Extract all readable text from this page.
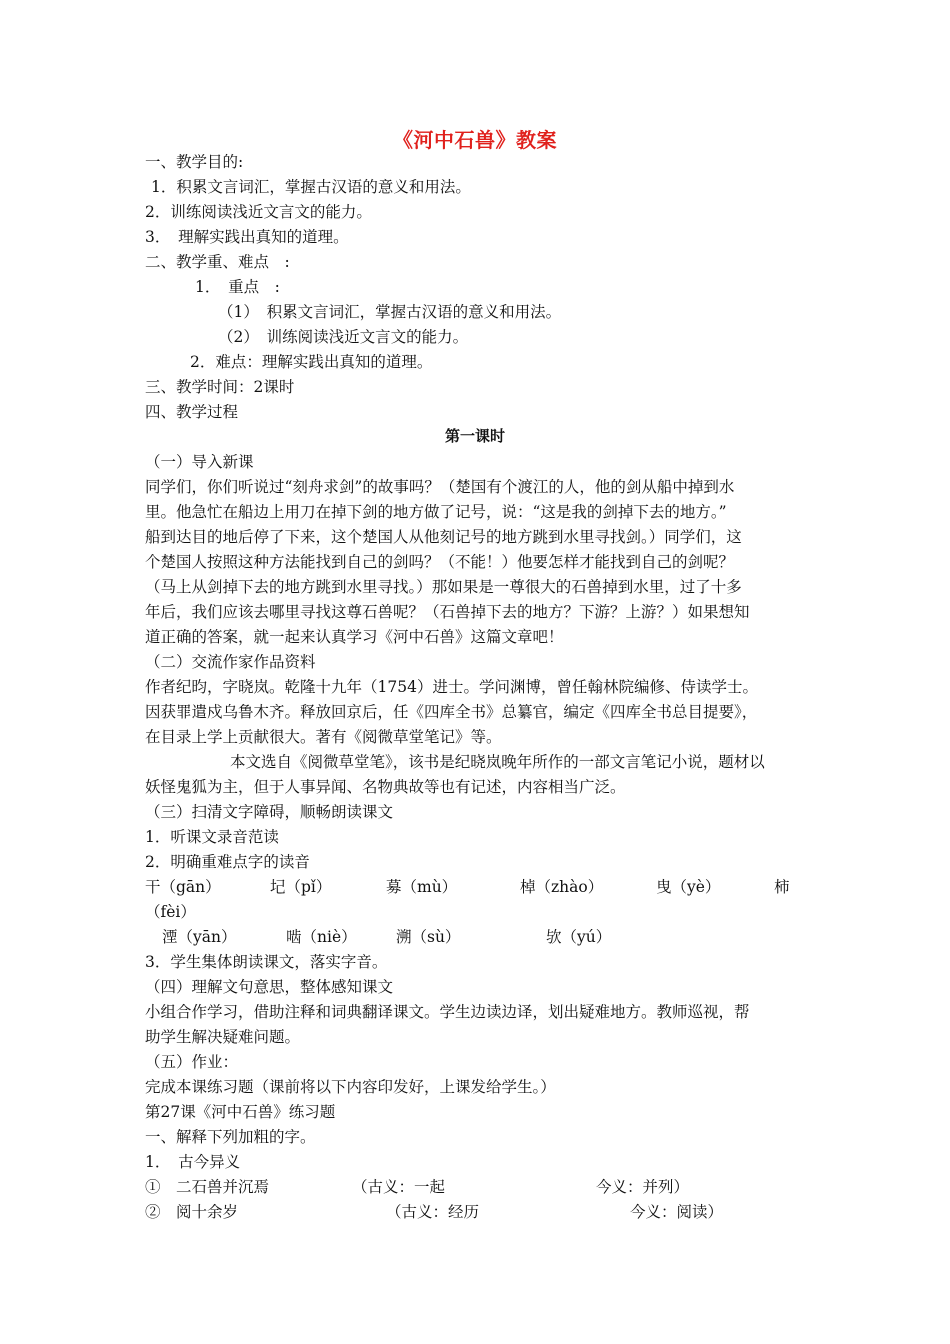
《河中石兽》教案
一、教学目的:
1．积累文言词汇，掌握古汉语的意义和用法。
2．训练阅读浅近文言文的能力。
3．　理解实践出真知的道理。
二、教学重、难点　:
1．　重点　:
（1）　积累文言词汇，掌握古汉语的意义和用法。
（2）　训练阅读浅近文言文的能力。
2．难点：理解实践出真知的道理。
三、教学时间：2课时
四、教学过程
第一课时
（一）导入新课
同学们，你们听说过“刻舟求剑”的故事吗？（楚国有个渡江的人，他的剑从船中掉到水
里。他急忙在船边上用刀在掉下剑的地方做了记号，说：“这是我的剑掉下去的地方。”
船到达目的地后停了下来，这个楚国人从他刻记号的地方跳到水里寻找剑。）同学们，这
个楚国人按照这种方法能找到自己的剑吗？（不能！）他要怎样才能找到自己的剑呢？
（马上从剑掉下去的地方跳到水里寻找。）那如果是一尊很大的石兽掉到水里，过了十多
年后，我们应该去哪里寻找这尊石兽呢？（石兽掉下去的地方？下游？上游？）如果想知
道正确的答案，就一起来认真学习《河中石兽》这篇文章吧！
（二）交流作家作品资料
作者纪昀，字晓岚。乾隆十九年（1754）进士。学问渊博，曾任翰林院编修、侍读学士。
因获罪遣戍乌鲁木齐。释放回京后，任《四库全书》总纂官，编定《四库全书总目提要》，
在目录上学上贡献很大。著有《阅微草堂笔记》等。
本文选自《阅微草堂笔》，该书是纪晓岚晚年所作的一部文言笔记小说，题材以
妖怪鬼狐为主，但于人事异闻、名物典故等也有记述，内容相当广泛。
（三）扫清文字障碍，顺畅朗读课文
1．听课文录音范读
2．明确重难点字的读音
干（gān）	圮（pǐ）	募（mù）	棹（zhào）	曳（yè）	柿
（fèi）
湮（yān）	啮（niè）	溯（sù）	欤（yú）
3．学生集体朗读课文，落实字音。
（四）理解文句意思，整体感知课文
小组合作学习，借助注释和词典翻译课文。学生边读边译，划出疑难地方。教师巡视，帮
助学生解决疑难问题。
（五）作业：
完成本课练习题（课前将以下内容印发好，上课发给学生。）
第27课《河中石兽》练习题
一、解释下列加粗的字。
1．　古今异义
①　二石兽并沉焉	（古义：一起	今义：并列）
②　阅十余岁	（古义：经历	今义：阅读）
